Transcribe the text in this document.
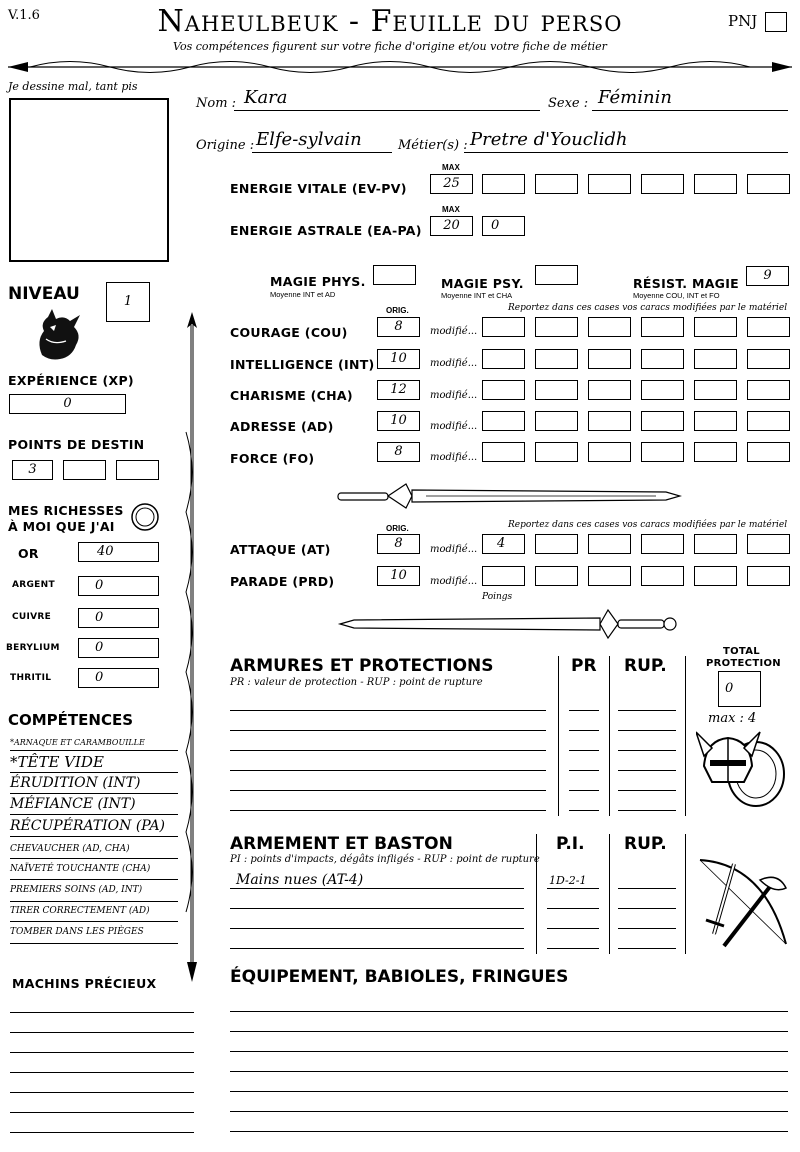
V.1.6	Naheulbeuk - Feuille du perso
Vos compétences figurent sur votre fiche d'origine et/ou votre fiche de métier
PNJ
Je dessine mal, tant pis
Nom : Kara	Sexe : Féminin
Origine : Elfe-sylvain	Métier(s) : Pretre d'Youclidh
MAX
ENERGIE VITALE (EV-PV)	25
MAX
ENERGIE ASTRALE (EA-PA)	20	0
MAGIE PHYS.
Moyenne INT et AD
MAGIE PSY.
Moyenne INT et CHA
RÉSIST. MAGIE
Moyenne COU, INT et FO
9
NIVEAU	1
EXPÉRIENCE (XP)
0
POINTS DE DESTIN
3
MES RICHESSES
À MOI QUE J'AI
OR	40
ARGENT	0
CUIVRE	0
BERYLIUM	0
THRITIL	0
COMPÉTENCES
*ARNAQUE ET CARAMBOUILLE
*TÊTE VIDE
ÉRUDITION (INT)
MÉFIANCE (INT)
RÉCUPÉRATION (PA)
CHEVAUCHER (AD, CHA)
NAÏVETÉ TOUCHANTE (CHA)
PREMIERS SOINS (AD, INT)
TIRER CORRECTEMENT (AD)
TOMBER DANS LES PIÈGES
MACHINS PRÉCIEUX
ORIG.	Reportez dans ces cases vos caracs modifiées par le matériel
COURAGE (COU)	8	modifié...
INTELLIGENCE (INT)	10	modifié...
CHARISME (CHA)	12	modifié...
ADRESSE (AD)	10	modifié...
FORCE (FO)	8	modifié...
ORIG.	Reportez dans ces cases vos caracs modifiées par le matériel
ATTAQUE (AT)	8	modifié...	4
PARADE (PRD)	10	modifié...
Poings
ARMURES ET PROTECTIONS
PR : valeur de protection - RUP : point de rupture
PR RUP.
TOTAL
PROTECTION
0
max : 4
ARMEMENT ET BASTON
PI : points d'impacts, dégâts infligés - RUP : point de rupture
P.I. RUP.
Mains nues (AT-4)	1D-2-1
ÉQUIPEMENT, BABIOLES, FRINGUES
